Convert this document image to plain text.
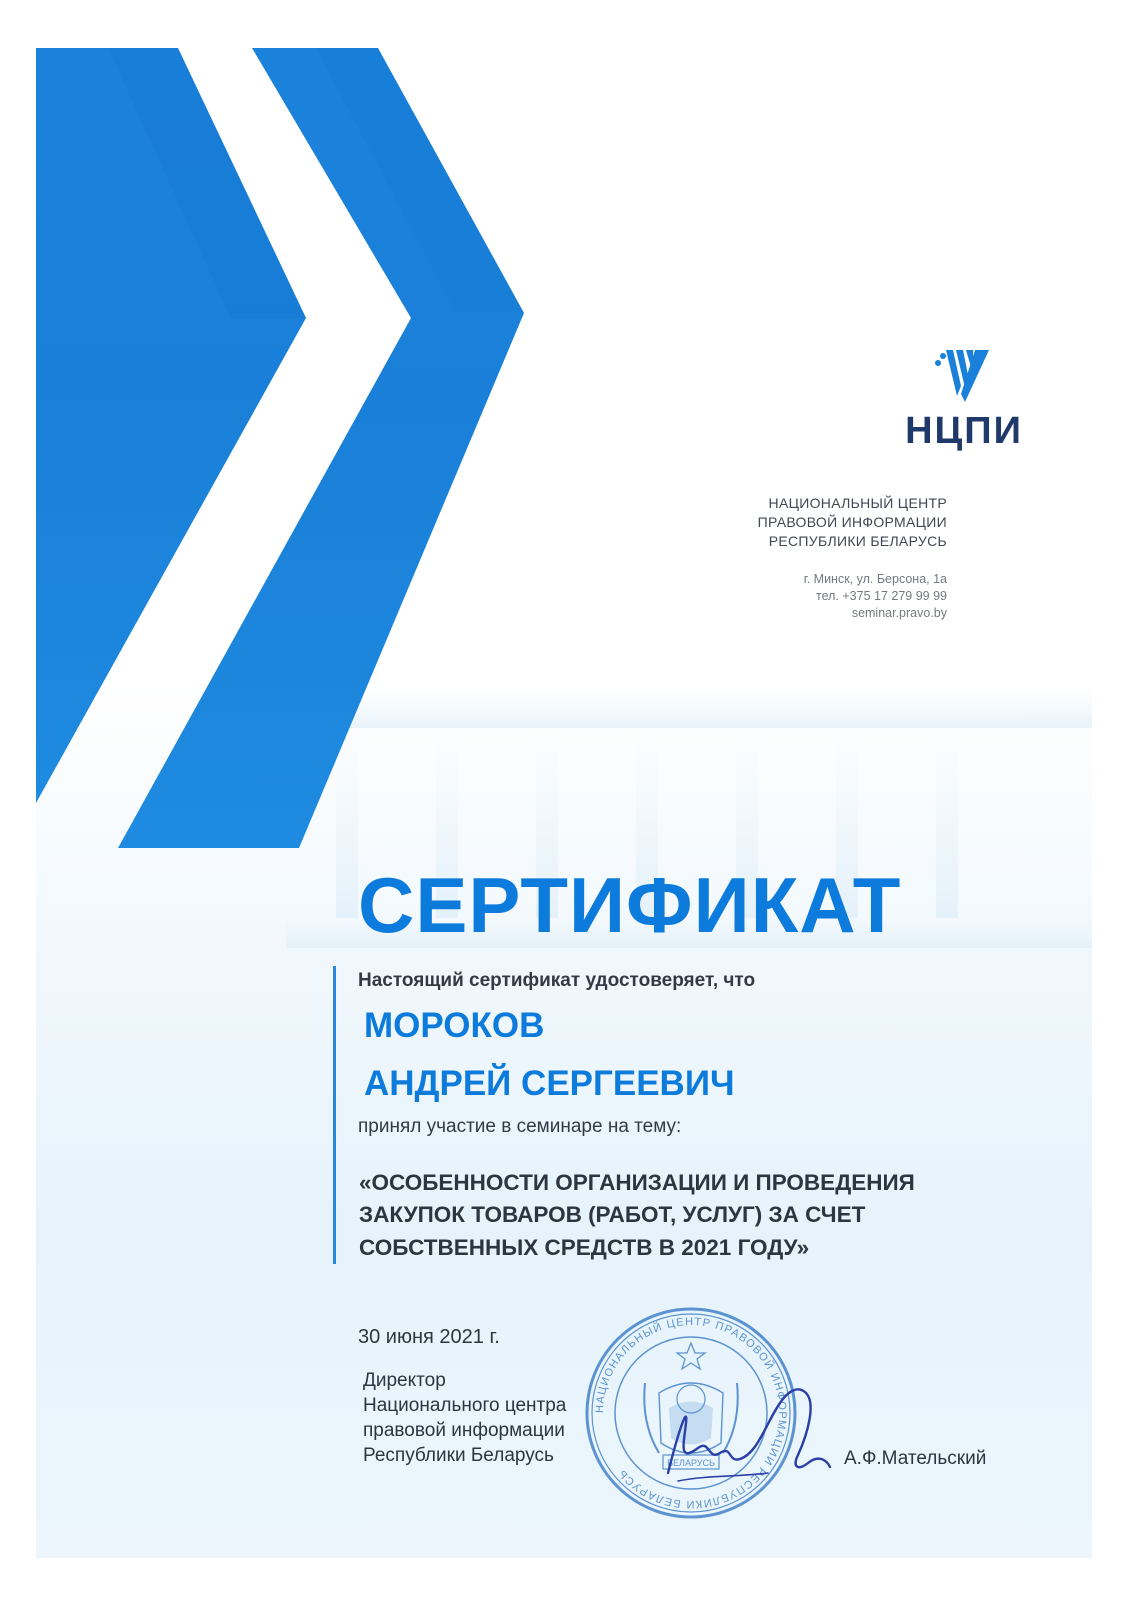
НЦПИ
НАЦИОНАЛЬНЫЙ ЦЕНТР
ПРАВОВОЙ ИНФОРМАЦИИ
РЕСПУБЛИКИ БЕЛАРУСЬ
г. Минск, ул. Берсона, 1а
тел. +375 17 279 99 99
seminar.pravo.by
СЕРТИФИКАТ
Настоящий сертификат удостоверяет, что
МОРОКОВ
АНДРЕЙ СЕРГЕЕВИЧ
принял участие в семинаре на тему:
«ОСОБЕННОСТИ ОРГАНИЗАЦИИ И ПРОВЕДЕНИЯ
ЗАКУПОК ТОВАРОВ (РАБОТ, УСЛУГ) ЗА СЧЕТ
СОБСТВЕННЫХ СРЕДСТВ В 2021 ГОДУ»
30 июня 2021 г.
НАЦИОНАЛЬНЫЙ ЦЕНТР ПРАВОВОЙ ИНФОРМАЦИИ РЕСПУБЛИКИ БЕЛАРУСЬ
БЕЛАРУСЬ
Директор
Национального центра
правовой информации
Республики Беларусь	А.Ф.Мательский
